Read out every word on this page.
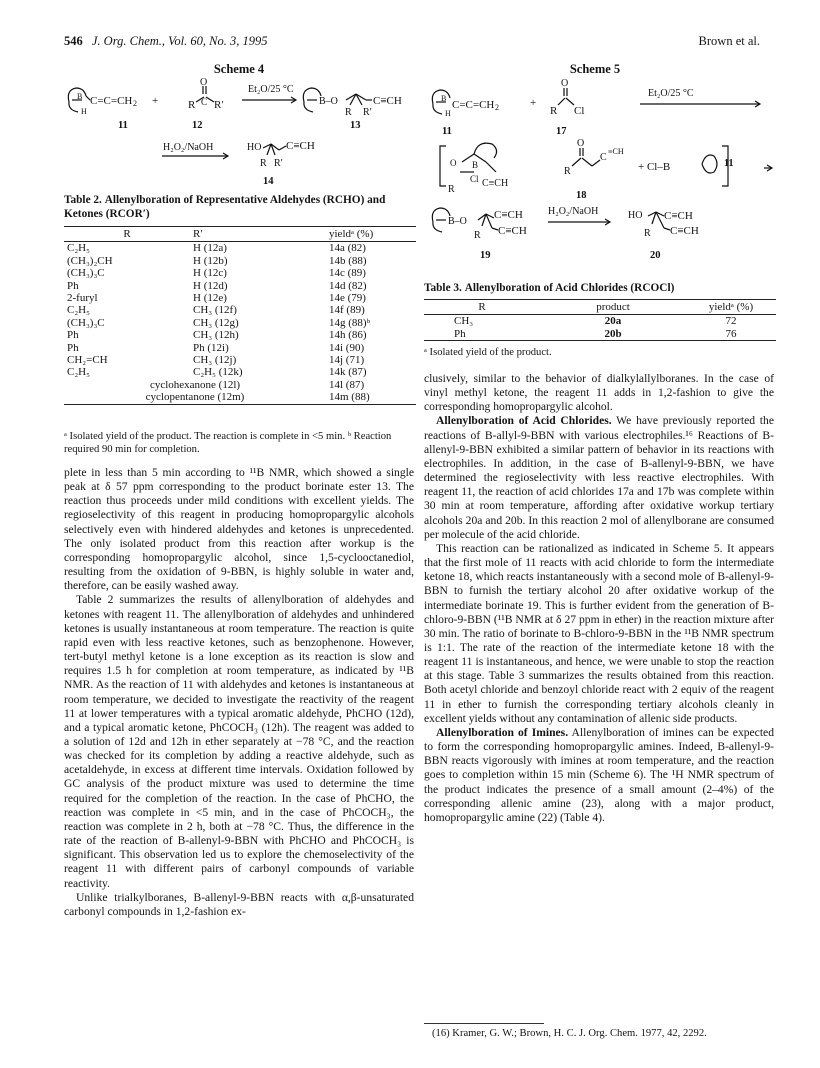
546 J. Org. Chem., Vol. 60, No. 3, 1995	Brown et al.
Scheme 4
B C=C=CH 2
H
+
O
R C R′
Et₂O/25 °C
B–O	C≡CH
R R′
H₂O₂/NaOH	HO C≡CH
R R′
11	12	13
14
Table 2. Allenylboration of Representative Aldehydes (RCHO) and Ketones (RCOR′)
R	R′	yieldᵃ (%)
C₂H₅	H (12a)	14a (82)
(CH₃)₂CH	H (12b)	14b (88)
(CH₃)₃C	H (12c)	14c (89)
Ph	H (12d)	14d (82)
2-furyl	H (12e)	14e (79)
C₂H₅	CH₃ (12f)	14f (89)
(CH₃)₃C	CH₃ (12g)	14g (88)ᵇ
Ph	CH₃ (12h)	14h (86)
Ph	Ph (12i)	14i (90)
CH₂=CH	CH₃ (12j)	14j (71)
C₂H₅	C₂H₅ (12k)	14k (87)
cyclohexanone (12l)		14l (87)
cyclopentanone (12m)		14m (88)
ᵃ Isolated yield of the product. The reaction is complete in <5 min. ᵇ Reaction required 90 min for completion.

plete in less than 5 min according to ¹¹B NMR, which showed a single peak at δ 57 ppm corresponding to the product borinate ester 13. The reaction thus proceeds under mild conditions with excellent yields. The regioselectivity of this reagent in producing homopropargylic alcohols selectively even with hindered aldehydes and ketones is unprecedented. The only isolated product from this reaction after workup is the corresponding homopropargylic alcohol, since 1,5-cyclooctanediol, resulting from the oxidation of 9-BBN, is highly soluble in water and, therefore, can be easily washed away.

Table 2 summarizes the results of allenylboration of aldehydes and ketones with reagent 11. The allenylboration of aldehydes and unhindered ketones is usually instantaneous at room temperature. The reaction is quite rapid even with less reactive ketones, such as benzophenone. However, tert-butyl methyl ketone is a lone exception as its reaction is slow and requires 1.5 h for completion at room temperature, as indicated by ¹¹B NMR. As the reaction of 11 with aldehydes and ketones is instantaneous at room temperature, we decided to investigate the reactivity of the reagent 11 at lower temperatures with a typical aromatic aldehyde, PhCHO (12d), and a typical aromatic ketone, PhCOCH₃ (12h). The reagent was added to a solution of 12d and 12h in ether separately at −78 °C, and the reaction was checked for its completion by adding a reactive aldehyde, such as acetaldehyde, in excess at different time intervals. Oxidation followed by GC analysis of the product mixture was used to determine the time required for the completion of the reaction. In the case of PhCHO, the reaction was complete in <5 min, and in the case of PhCOCH₃, the reaction was complete in 2 h, both at −78 °C. Thus, the difference in the rate of the reaction of B-allenyl-9-BBN with PhCHO and PhCOCH₃ is significant. This observation led us to explore the chemoselectivity of the reagent 11 with different pairs of carbonyl compounds of variable reactivity.

Unlike trialkylboranes, B-allenyl-9-BBN reacts with α,β-unsaturated carbonyl compounds in 1,2-fashion ex-

Scheme 5
B
C=C=CH 2
H
+
O
R Cl
Et₂O/25 °C
O B
Cl
R
C≡CH
O
R
C
≡CH
+ Cl–B	11
B–O
C≡CH
R C≡CH
H₂O₂/NaOH	HO C≡CH
R C≡CH
11	17
18
19	20
Table 3. Allenylboration of Acid Chlorides (RCOCl)
R	product	yieldᵃ (%)
CH₃	20a	72
Ph	20b	76
ᵃ Isolated yield of the product.

clusively, similar to the behavior of dialkylallylboranes. In the case of vinyl methyl ketone, the reagent 11 adds in 1,2-fashion to give the corresponding homopropargylic alcohol.

Allenylboration of Acid Chlorides. We have previously reported the reactions of B-allyl-9-BBN with various electrophiles.¹⁶ Reactions of B-allenyl-9-BBN exhibited a similar pattern of behavior in its reactions with electrophiles. In addition, in the case of B-allenyl-9-BBN, we have determined the regioselectivity with less reactive electrophiles. With reagent 11, the reaction of acid chlorides 17a and 17b was complete within 30 min at room temperature, affording after oxidative workup tertiary alcohols 20a and 20b. In this reaction 2 mol of allenylborane are consumed per molecule of the acid chloride.

This reaction can be rationalized as indicated in Scheme 5. It appears that the first mole of 11 reacts with acid chloride to form the intermediate ketone 18, which reacts instantaneously with a second mole of B-allenyl-9-BBN to furnish the tertiary alcohol 20 after oxidative workup of the intermediate borinate 19. This is further evident from the generation of B-chloro-9-BBN (¹¹B NMR at δ 27 ppm in ether) in the reaction mixture after 30 min. The ratio of borinate to B-chloro-9-BBN in the ¹¹B NMR spectrum is 1:1. The rate of the reaction of the intermediate ketone 18 with the reagent 11 is instantaneous, and hence, we were unable to stop the reaction at this stage. Table 3 summarizes the results obtained from this reaction. Both acetyl chloride and benzoyl chloride react with 2 equiv of the reagent 11 in ether to furnish the corresponding tertiary alcohols cleanly in excellent yields without any contamination of allenic side products.

Allenylboration of Imines. Allenylboration of imines can be expected to form the corresponding homopropargylic amines. Indeed, B-allenyl-9-BBN reacts vigorously with imines at room temperature, and the reaction goes to completion within 15 min (Scheme 6). The ¹H NMR spectrum of the product indicates the presence of a small amount (2–4%) of the corresponding allenic amine (23), along with a major product, homopropargylic amine (22) (Table 4).

(16) Kramer, G. W.; Brown, H. C. J. Org. Chem. 1977, 42, 2292.
